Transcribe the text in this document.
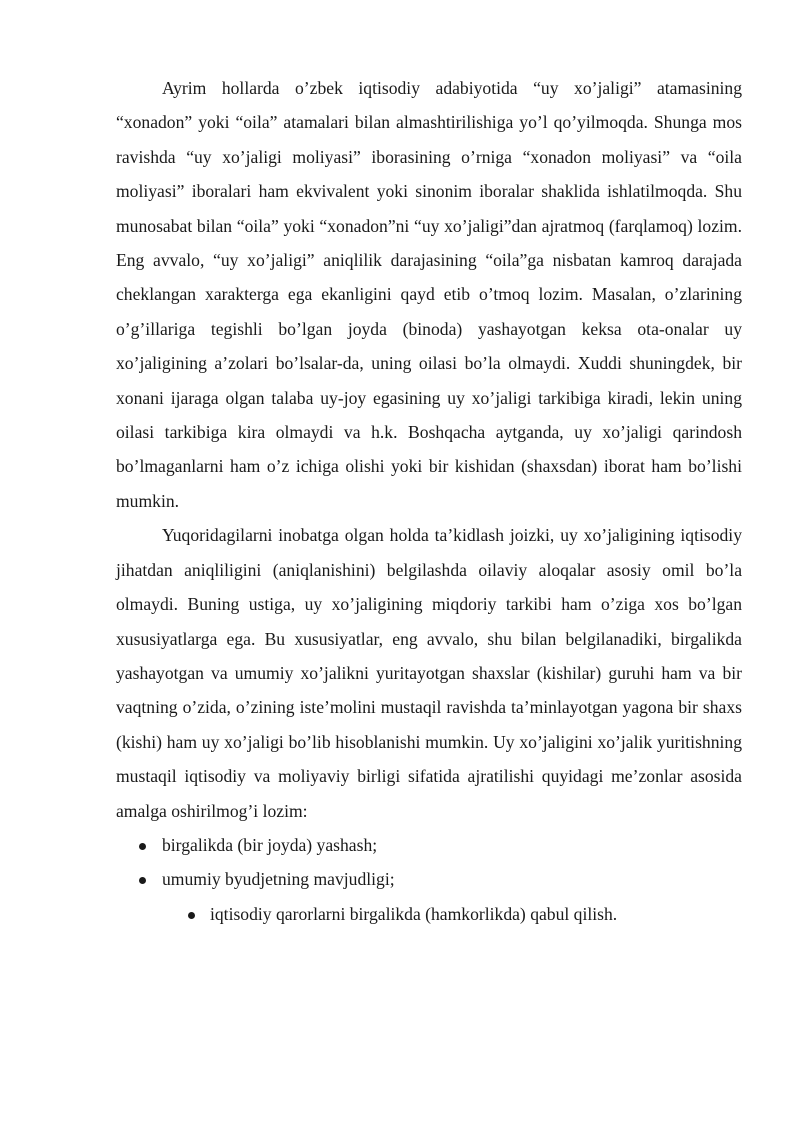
Ayrim hollarda o’zbek iqtisodiy adabiyotida “uy xo’jaligi” atamasining “xonadon” yoki “oila” atamalari bilan almashtirilishiga yo’l qo’yilmoqda. Shunga mos ravishda “uy xo’jaligi moliyasi” iborasining o’rniga “xonadon moliyasi” va “oila moliyasi” iboralari ham ekvivalent yoki sinonim iboralar shaklida ishlatilmoqda. Shu munosabat bilan “oila” yoki “xonadon”ni “uy xo’jaligi”dan ajratmoq (farqlamoq) lozim. Eng avvalo, “uy xo’jaligi” aniqlilik darajasining “oila”ga nisbatan kamroq darajada cheklangan xarakterga ega ekanligini qayd etib o’tmoq lozim. Masalan, o’zlarining o’g’illariga tegishli bo’lgan joyda (binoda) yashayotgan keksa ota-onalar uy xo’jaligining a’zolari bo’lsalar-da, uning oilasi bo’la olmaydi. Xuddi shuningdek, bir xonani ijaraga olgan talaba uy-joy egasining uy xo’jaligi tarkibiga kiradi, lekin uning oilasi tarkibiga kira olmaydi va h.k. Boshqacha aytganda, uy xo’jaligi qarindosh bo’lmaganlarni ham o’z ichiga olishi yoki bir kishidan (shaxsdan) iborat ham bo’lishi mumkin.

Yuqoridagilarni inobatga olgan holda ta’kidlash joizki, uy xo’jaligining iqtisodiy jihatdan aniqliligini (aniqlanishini) belgilashda oilaviy aloqalar asosiy omil bo’la olmaydi. Buning ustiga, uy xo’jaligining miqdoriy tarkibi ham o’ziga xos bo’lgan xususiyatlarga ega. Bu xususiyatlar, eng avvalo, shu bilan belgilanadiki, birgalikda yashayotgan va umumiy xo’jalikni yuritayotgan shaxslar (kishilar) guruhi ham va bir vaqtning o’zida, o’zining iste’molini mustaqil ravishda ta’minlayotgan yagona bir shaxs (kishi) ham uy xo’jaligi bo’lib hisoblanishi mumkin. Uy xo’jaligini xo’jalik yuritishning mustaqil iqtisodiy va moliyaviy birligi sifatida ajratilishi quyidagi me’zonlar asosida amalga oshirilmog’i lozim:

birgalikda (bir joyda) yashash;
umumiy byudjetning mavjudligi;
iqtisodiy qarorlarni birgalikda (hamkorlikda) qabul qilish.
